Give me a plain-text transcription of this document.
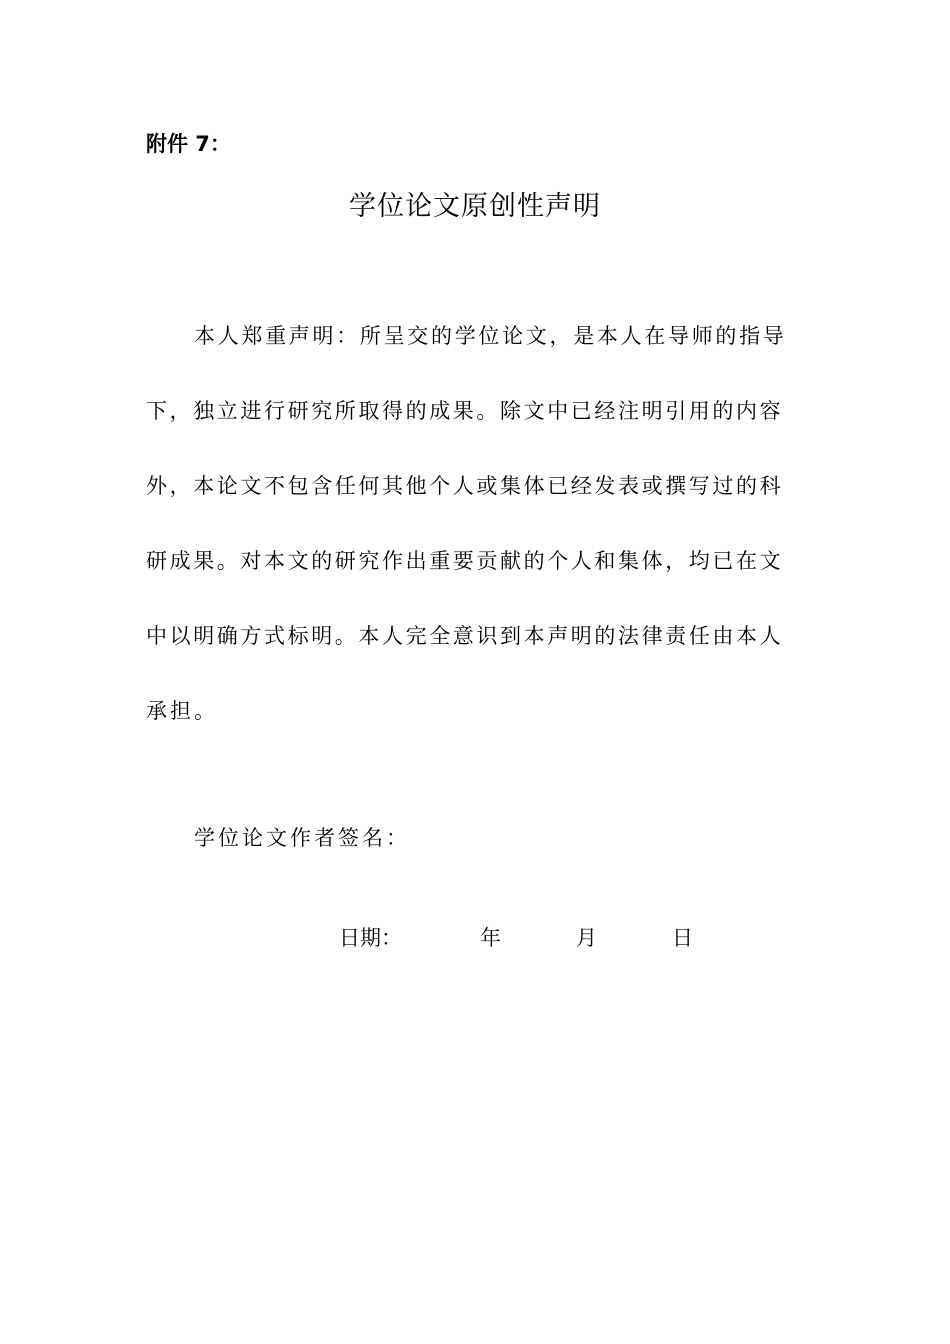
附件 7：
学位论文原创性声明
本人郑重声明：所呈交的学位论文，是本人在导师的指导
下，独立进行研究所取得的成果。除文中已经注明引用的内容
外，本论文不包含任何其他个人或集体已经发表或撰写过的科
研成果。对本文的研究作出重要贡献的个人和集体，均已在文
中以明确方式标明。本人完全意识到本声明的法律责任由本人
承担。
学位论文作者签名：
日期：	年	月	日
